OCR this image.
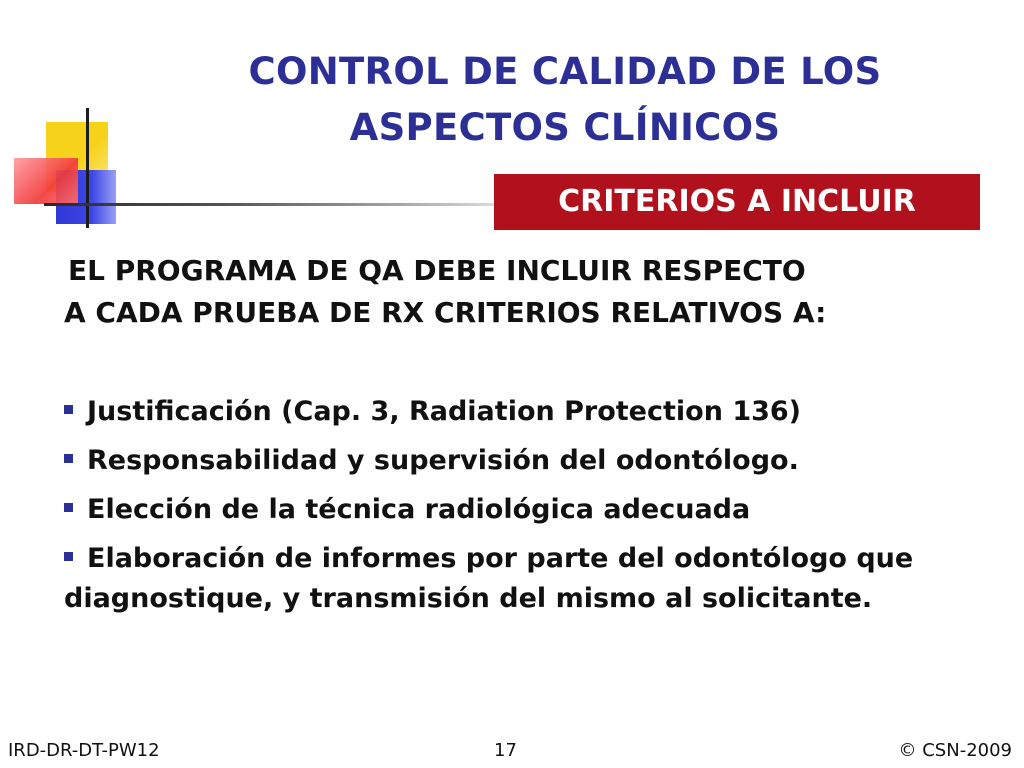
CONTROL DE CALIDAD DE LOS
ASPECTOS CLÍNICOS
CRITERIOS A INCLUIR
EL PROGRAMA DE QA DEBE INCLUIR RESPECTO
A CADA PRUEBA DE RX CRITERIOS RELATIVOS A:
Justificación (Cap. 3, Radiation Protection 136)
Responsabilidad y supervisión del odontólogo.
Elección de la técnica radiológica adecuada
Elaboración de informes por parte del odontólogo que diagnostique, y transmisión del mismo al solicitante.
IRD-DR-DT-PW12	17	© CSN-2009
